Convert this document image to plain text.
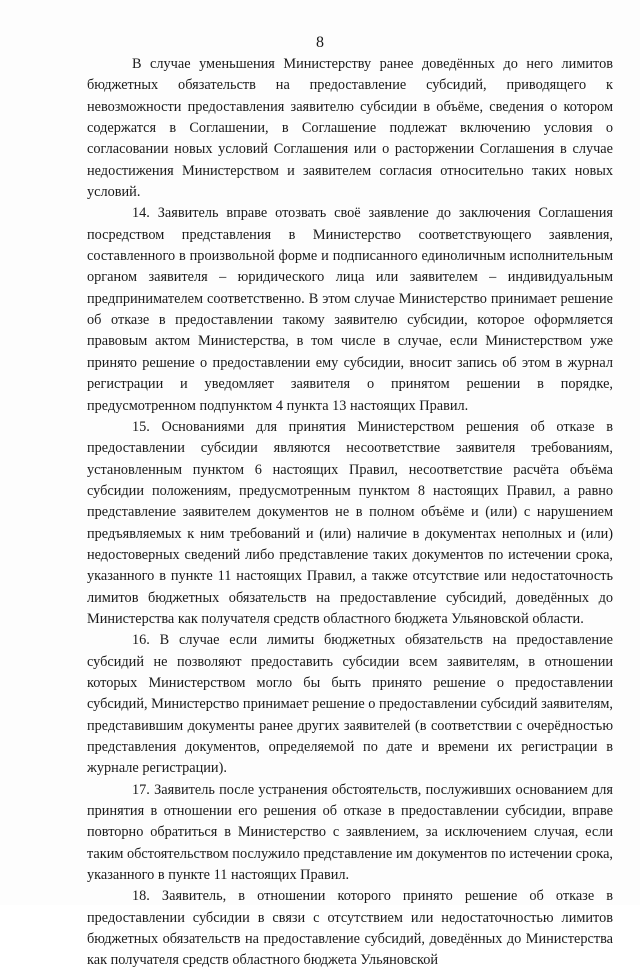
8

В случае уменьшения Министерству ранее доведённых до него лимитов бюджетных обязательств на предоставление субсидий, приводящего к невозможности предоставления заявителю субсидии в объёме, сведения о котором содержатся в Соглашении, в Соглашение подлежат включению условия о согласовании новых условий Соглашения или о расторжении Соглашения в случае недостижения Министерством и заявителем согласия относительно таких новых условий.

14. Заявитель вправе отозвать своё заявление до заключения Соглашения посредством представления в Министерство соответствующего заявления, составленного в произвольной форме и подписанного единоличным исполнительным органом заявителя – юридического лица или заявителем – индивидуальным предпринимателем соответственно. В этом случае Министерство принимает решение об отказе в предоставлении такому заявителю субсидии, которое оформляется правовым актом Министерства, в том числе в случае, если Министерством уже принято решение о предоставлении ему субсидии, вносит запись об этом в журнал регистрации и уведомляет заявителя о принятом решении в порядке, предусмотренном подпунктом 4 пункта 13 настоящих Правил.

15. Основаниями для принятия Министерством решения об отказе в предоставлении субсидии являются несоответствие заявителя требованиям, установленным пунктом 6 настоящих Правил, несоответствие расчёта объёма субсидии положениям, предусмотренным пунктом 8 настоящих Правил, а равно представление заявителем документов не в полном объёме и (или) с нарушением предъявляемых к ним требований и (или) наличие в документах неполных и (или) недостоверных сведений либо представление таких документов по истечении срока, указанного в пункте 11 настоящих Правил, а также отсутствие или недостаточность лимитов бюджетных обязательств на предоставление субсидий, доведённых до Министерства как получателя средств областного бюджета Ульяновской области.

16. В случае если лимиты бюджетных обязательств на предоставление субсидий не позволяют предоставить субсидии всем заявителям, в отношении которых Министерством могло бы быть принято решение о предоставлении субсидий, Министерство принимает решение о предоставлении субсидий заявителям, представившим документы ранее других заявителей (в соответствии с очерёдностью представления документов, определяемой по дате и времени их регистрации в журнале регистрации).

17. Заявитель после устранения обстоятельств, послуживших основанием для принятия в отношении его решения об отказе в предоставлении субсидии, вправе повторно обратиться в Министерство с заявлением, за исключением случая, если таким обстоятельством послужило представление им документов по истечении срока, указанного в пункте 11 настоящих Правил.

18. Заявитель, в отношении которого принято решение об отказе в предоставлении субсидии в связи с отсутствием или недостаточностью лимитов бюджетных обязательств на предоставление субсидий, доведённых до Министерства как получателя средств областного бюджета Ульяновской
